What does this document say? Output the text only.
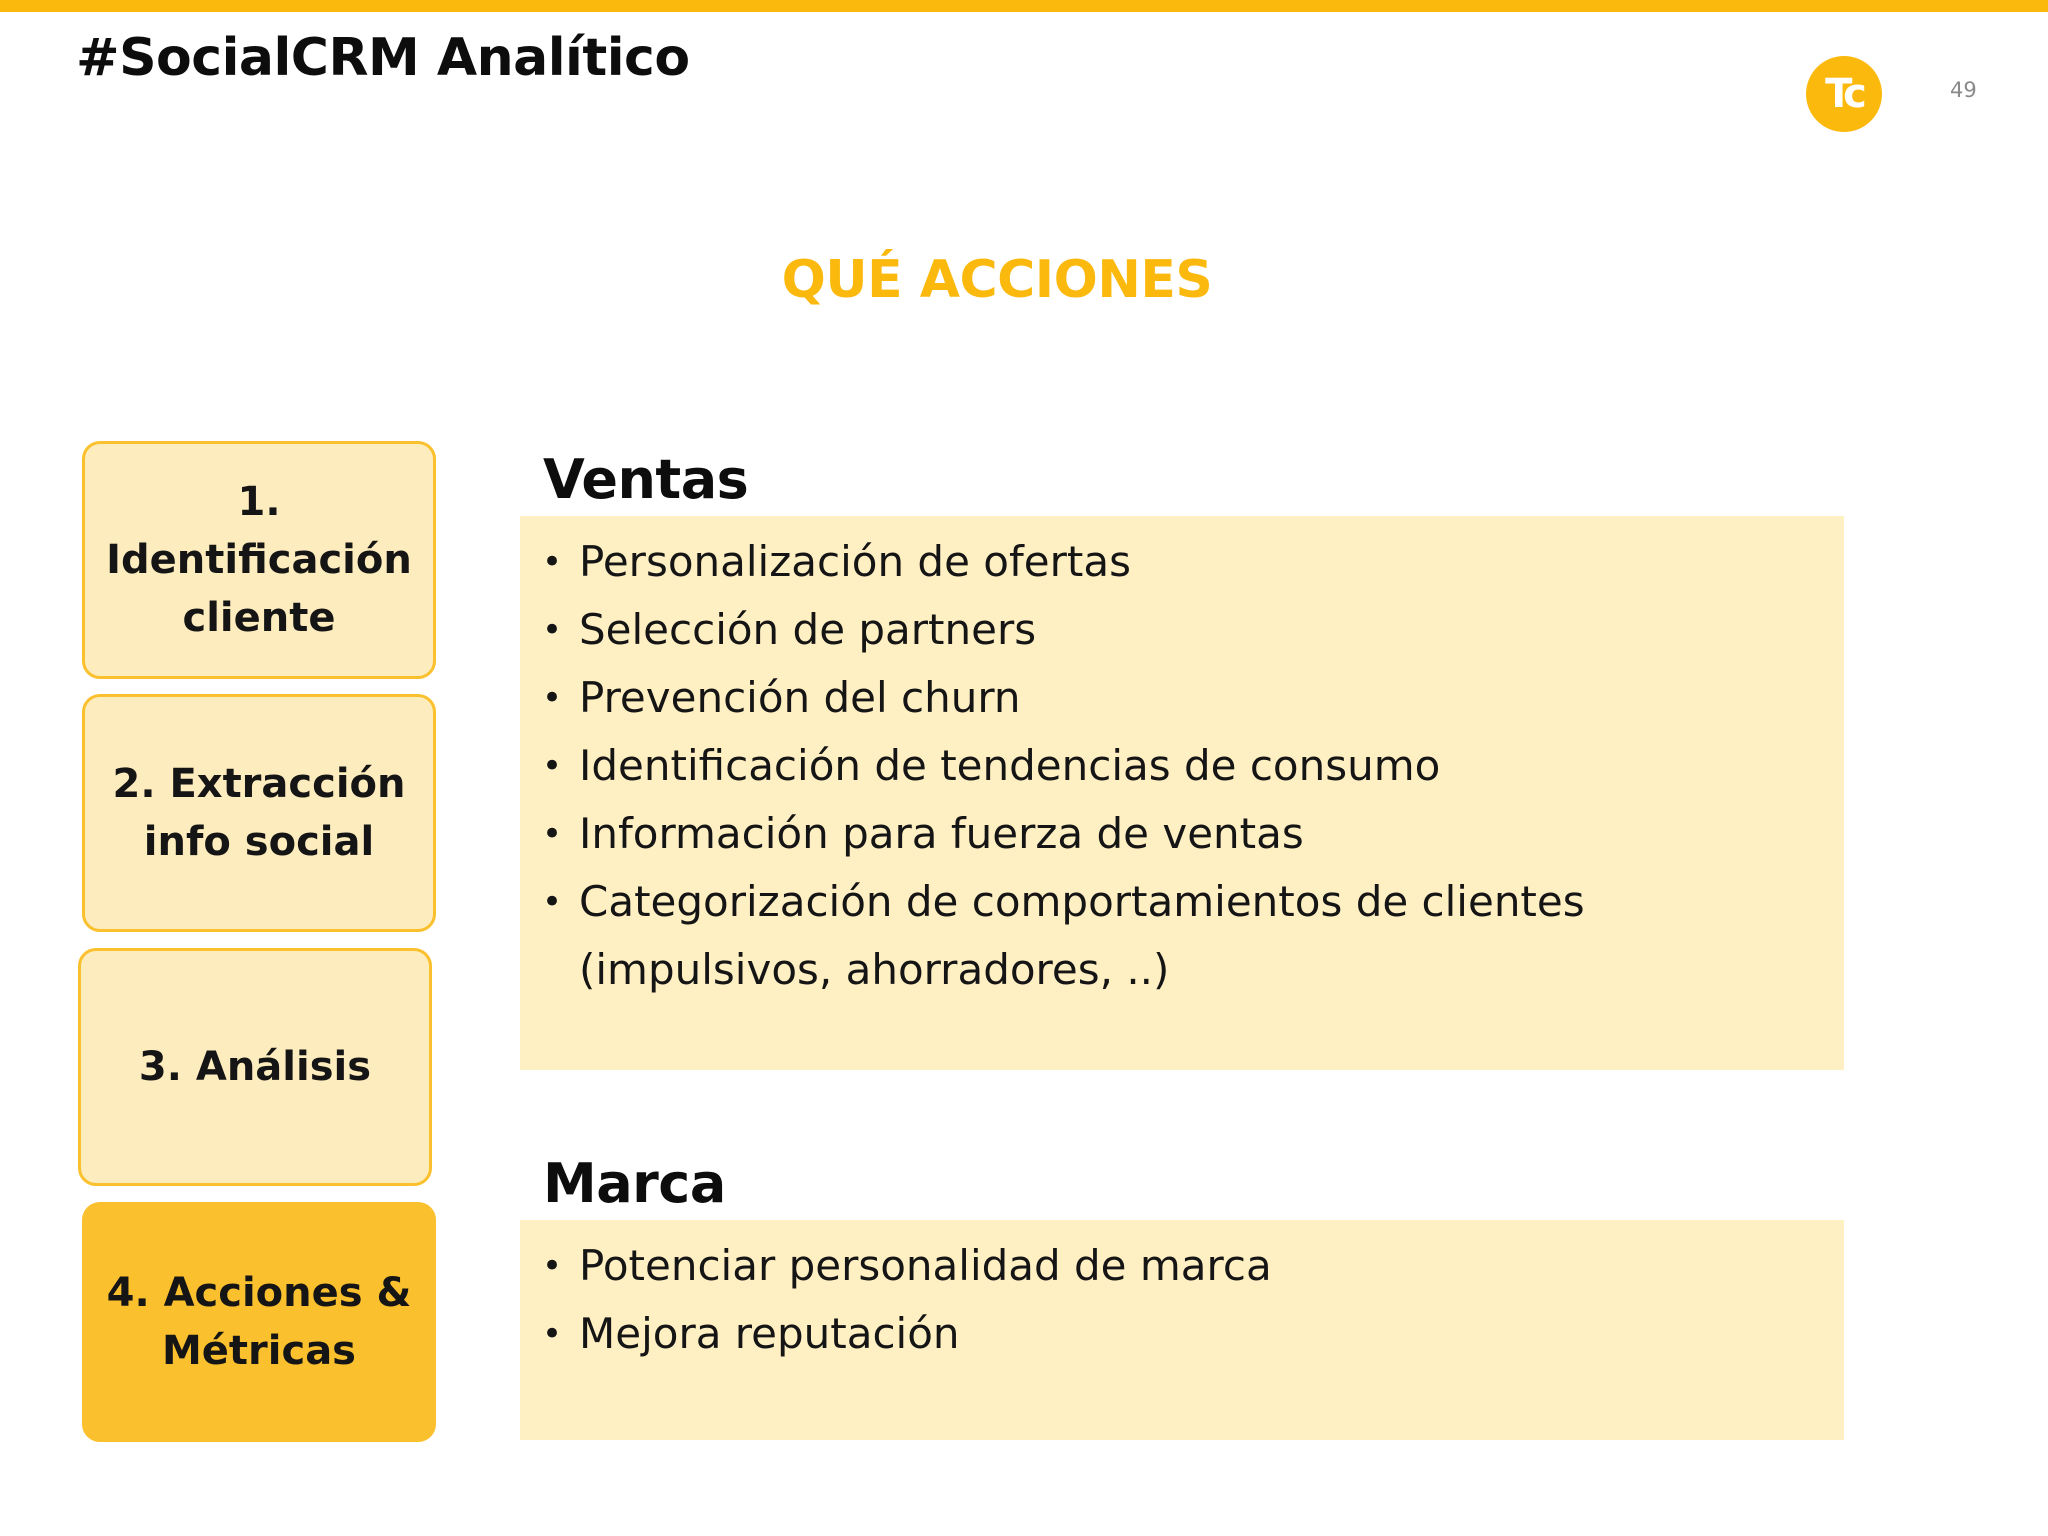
#SocialCRM Analítico
Tc	49
QUÉ ACCIONES
1. Identificación
cliente
2. Extracción
info social
3. Análisis
4. Acciones &
Métricas
Ventas
• Personalización de ofertas
• Selección de partners
• Prevención del churn
• Identificación de tendencias de consumo
• Información para fuerza de ventas
• Categorización de comportamientos de clientes (impulsivos, ahorradores, ..)
Marca
• Potenciar personalidad de marca
• Mejora reputación
